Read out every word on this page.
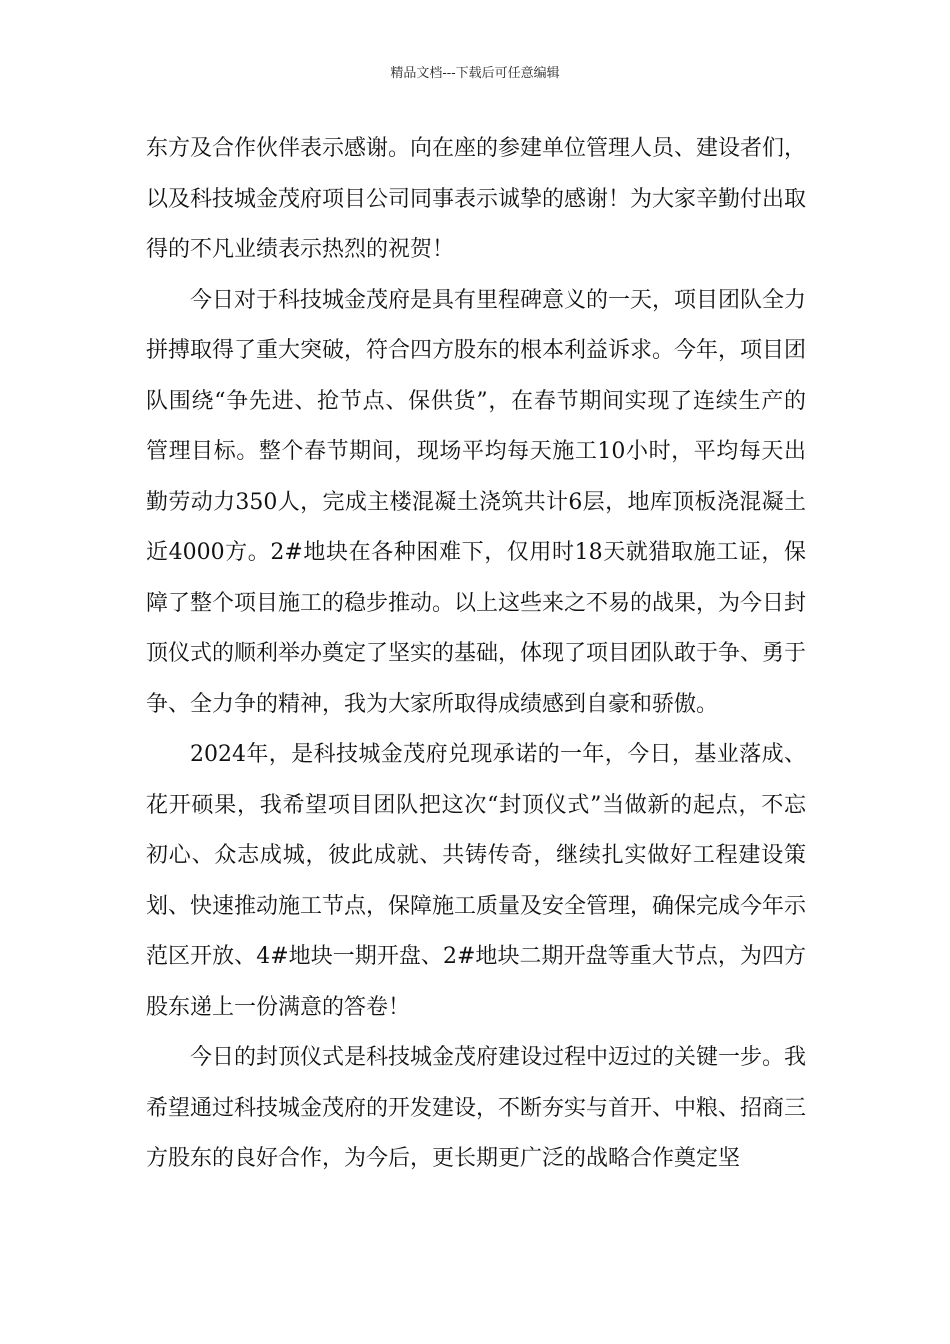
精品文档---下载后可任意编辑

东方及合作伙伴表示感谢。向在座的参建单位管理人员、建设者们，以及科技城金茂府项目公司同事表示诚挚的感谢！为大家辛勤付出取得的不凡业绩表示热烈的祝贺！

今日对于科技城金茂府是具有里程碑意义的一天，项目团队全力拼搏取得了重大突破，符合四方股东的根本利益诉求。今年，项目团队围绕“争先进、抢节点、保供货”，在春节期间实现了连续生产的管理目标。整个春节期间，现场平均每天施工10小时，平均每天出勤劳动力350人，完成主楼混凝土浇筑共计6层，地库顶板浇混凝土近4000方。2#地块在各种困难下，仅用时18天就猎取施工证，保障了整个项目施工的稳步推动。以上这些来之不易的战果，为今日封顶仪式的顺利举办奠定了坚实的基础，体现了项目团队敢于争、勇于争、全力争的精神，我为大家所取得成绩感到自豪和骄傲。

2024年，是科技城金茂府兑现承诺的一年，今日，基业落成、花开硕果，我希望项目团队把这次“封顶仪式”当做新的起点，不忘初心、众志成城，彼此成就、共铸传奇，继续扎实做好工程建设策划、快速推动施工节点，保障施工质量及安全管理，确保完成今年示范区开放、4#地块一期开盘、2#地块二期开盘等重大节点，为四方股东递上一份满意的答卷！

今日的封顶仪式是科技城金茂府建设过程中迈过的关键一步。我希望通过科技城金茂府的开发建设，不断夯实与首开、中粮、招商三方股东的良好合作，为今后，更长期更广泛的战略合作奠定坚
